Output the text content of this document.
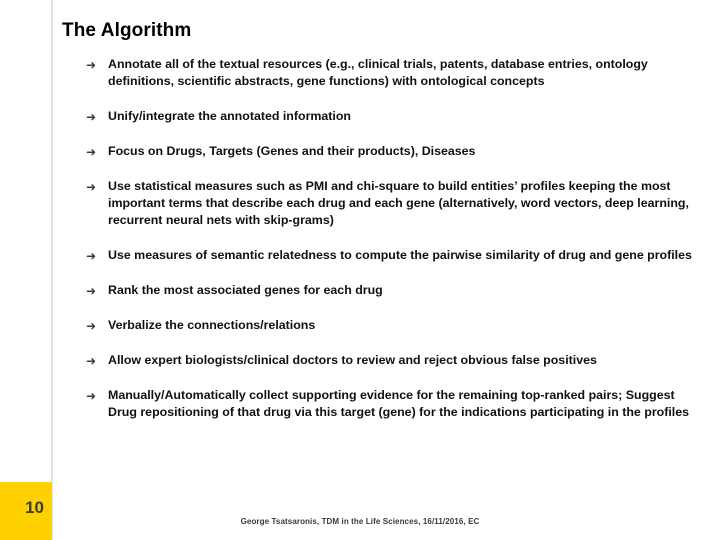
10
The Algorithm
➜ Annotate all of the textual resources (e.g., clinical trials, patents, database entries, ontology definitions, scientific abstracts, gene functions) with ontological concepts
➜ Unify/integrate the annotated information
➜ Focus on Drugs, Targets (Genes and their products), Diseases
➜ Use statistical measures such as PMI and chi-square to build entities’ profiles keeping the most important terms that describe each drug and each gene (alternatively, word vectors, deep learning, recurrent neural nets with skip-grams)
➜ Use measures of semantic relatedness to compute the pairwise similarity of drug and gene profiles
➜ Rank the most associated genes for each drug
➜ Verbalize the connections/relations
➜ Allow expert biologists/clinical doctors to review and reject obvious false positives
➜ Manually/Automatically collect supporting evidence for the remaining top-ranked pairs; Suggest Drug repositioning of that drug via this target (gene) for the indications participating in the profiles
George Tsatsaronis, TDM in the Life Sciences, 16/11/2016, EC
